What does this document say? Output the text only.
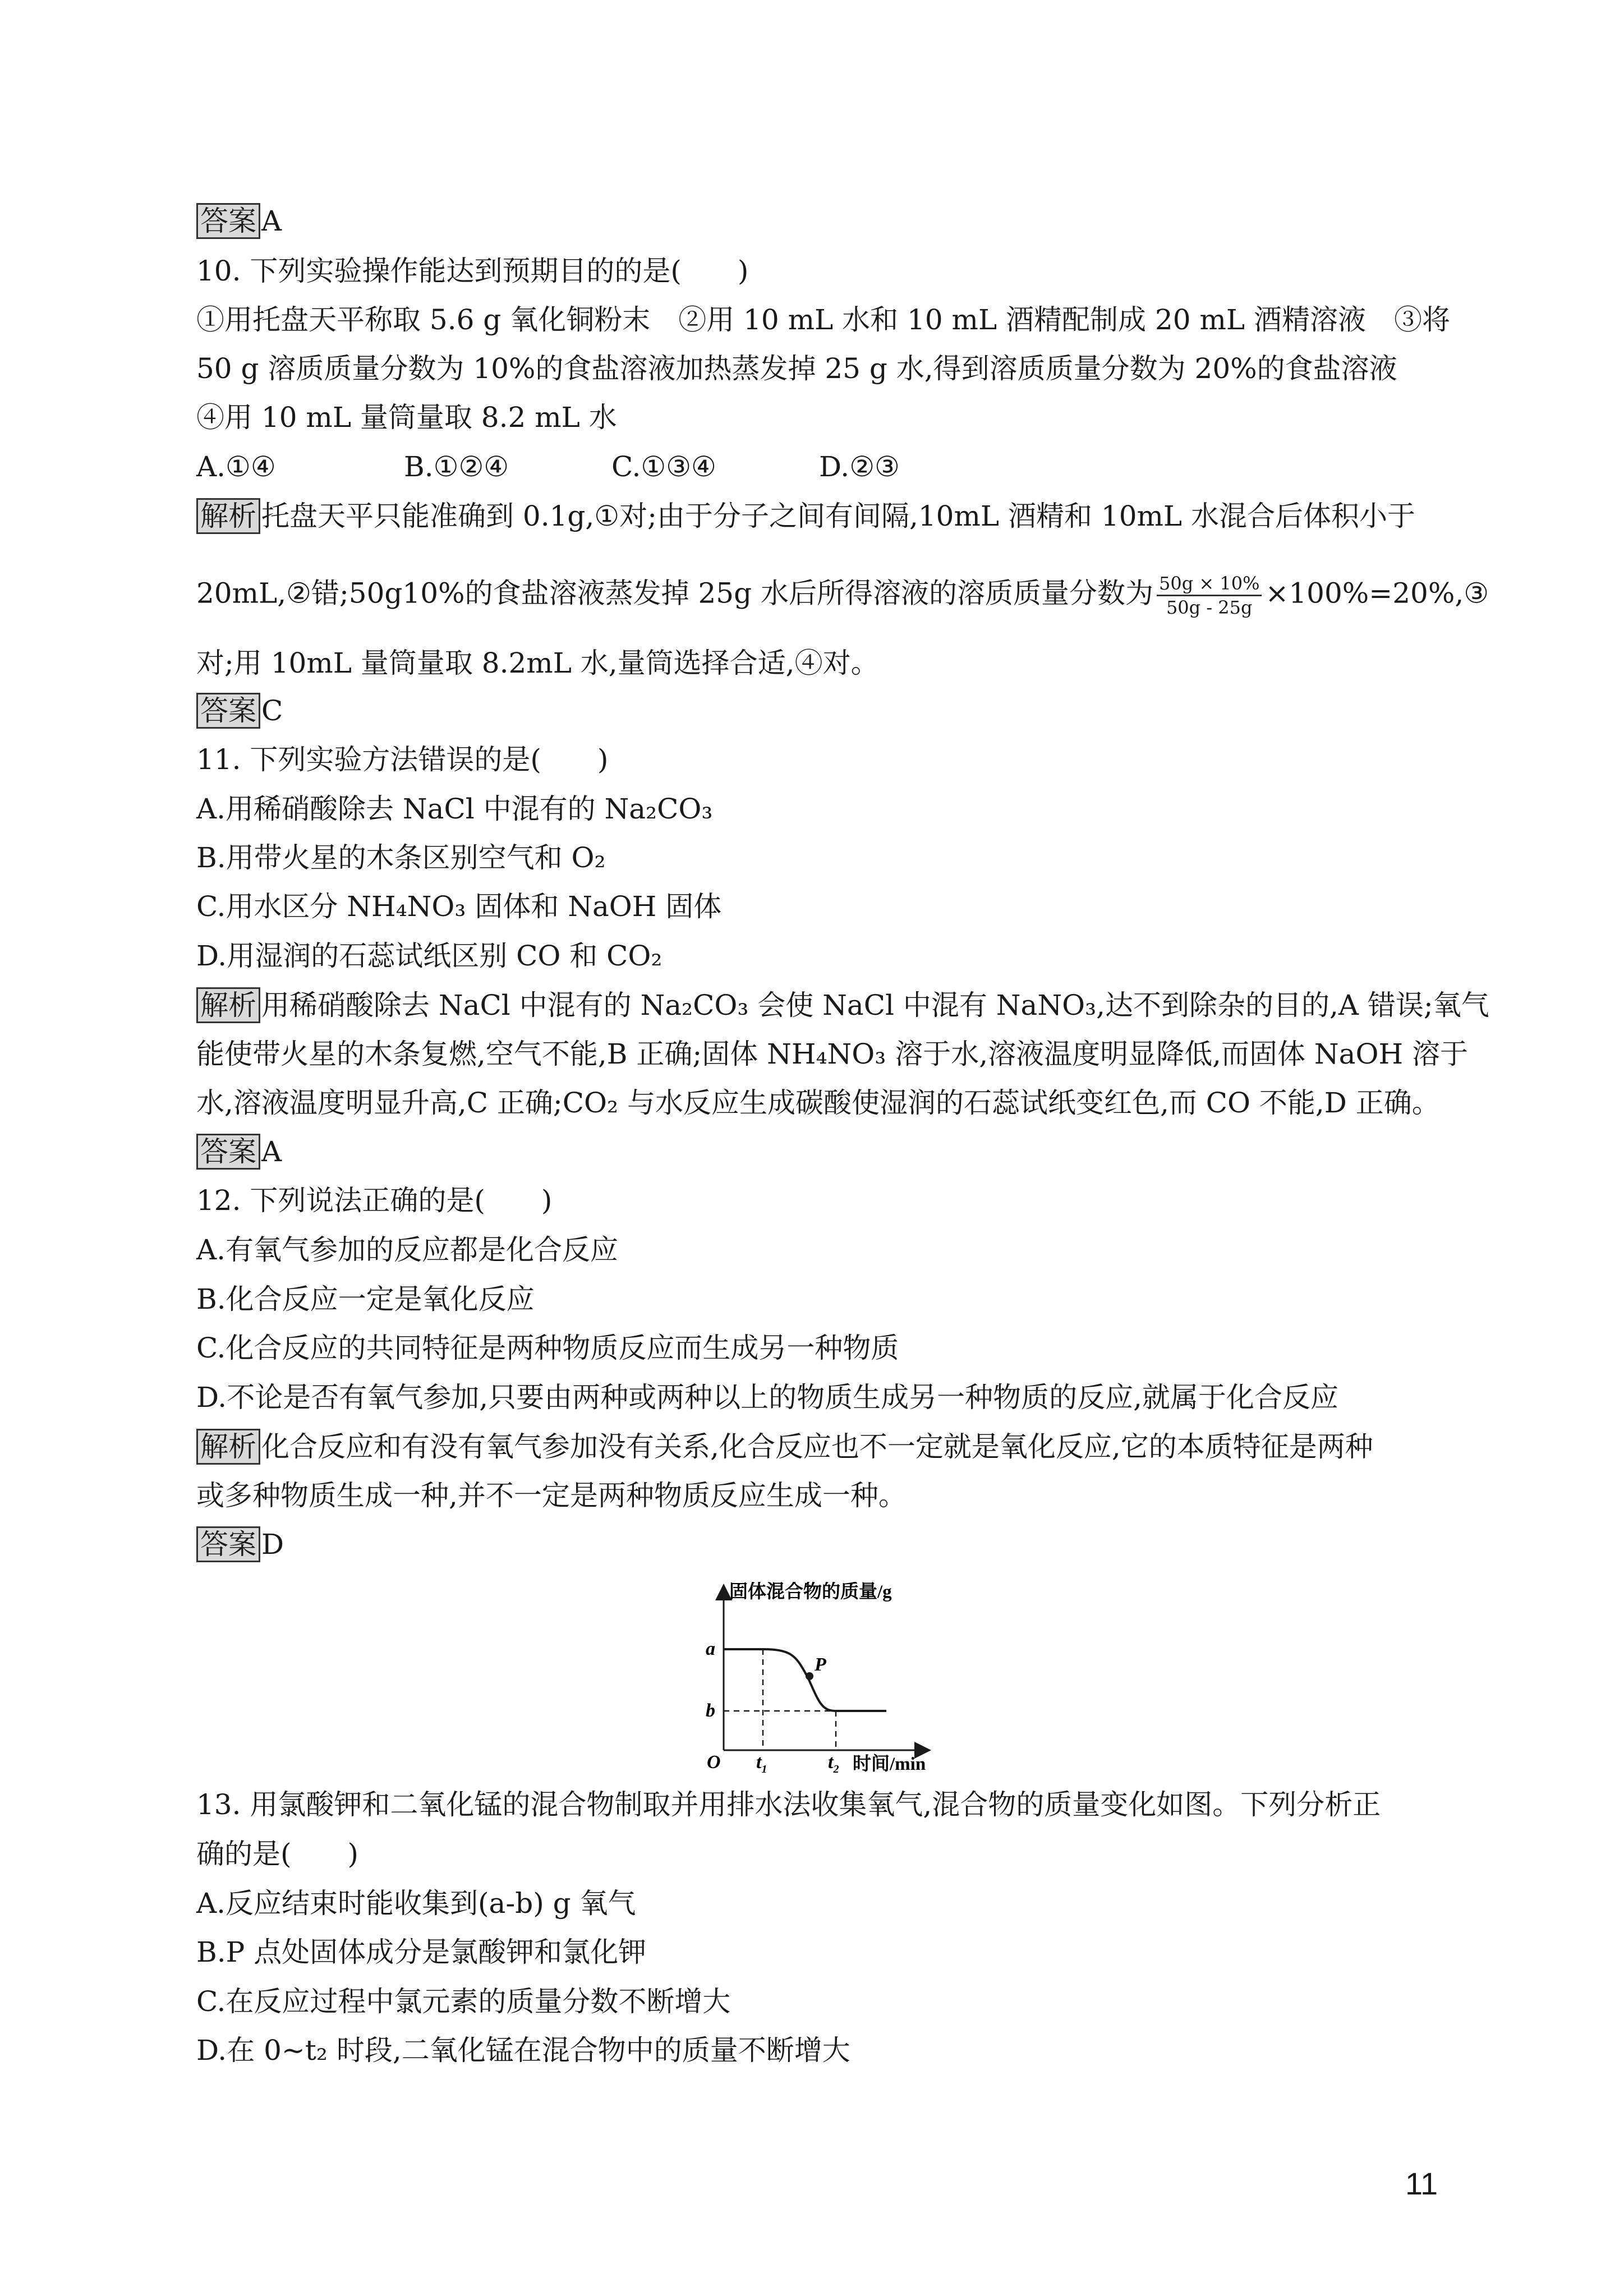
答案 A
10. 下列实验操作能达到预期目的的是(　　)
①用托盘天平称取 5.6 g 氧化铜粉末　②用 10 mL 水和 10 mL 酒精配制成 20 mL 酒精溶液　③将
50 g 溶质质量分数为 10%的食盐溶液加热蒸发掉 25 g 水,得到溶质质量分数为 20%的食盐溶液
④用 10 mL 量筒量取 8.2 mL 水
A.①④	B.①②④	C.①③④	D.②③
解析 托盘天平只能准确到 0.1g,①对;由于分子之间有间隔,10mL 酒精和 10mL 水混合后体积小于
20mL,②错;50g10%的食盐溶液蒸发掉 25g 水后所得溶液的溶质质量分数为 $\frac{50g \times 10\%}{50g - 25g}$ ×100%=20%,③
对;用 10mL 量筒量取 8.2mL 水,量筒选择合适,④对。
答案 C
11. 下列实验方法错误的是(　　)
A.用稀硝酸除去 NaCl 中混有的 Na₂CO₃
B.用带火星的木条区别空气和 O₂
C.用水区分 NH₄NO₃ 固体和 NaOH 固体
D.用湿润的石蕊试纸区别 CO 和 CO₂
解析 用稀硝酸除去 NaCl 中混有的 Na₂CO₃ 会使 NaCl 中混有 NaNO₃,达不到除杂的目的,A 错误;氧气
能使带火星的木条复燃,空气不能,B 正确;固体 NH₄NO₃ 溶于水,溶液温度明显降低,而固体 NaOH 溶于
水,溶液温度明显升高,C 正确;CO₂ 与水反应生成碳酸使湿润的石蕊试纸变红色,而 CO 不能,D 正确。
答案 A
12. 下列说法正确的是(　　)
A.有氧气参加的反应都是化合反应
B.化合反应一定是氧化反应
C.化合反应的共同特征是两种物质反应而生成另一种物质
D.不论是否有氧气参加,只要由两种或两种以上的物质生成另一种物质的反应,就属于化合反应
解析 化合反应和有没有氧气参加没有关系,化合反应也不一定就是氧化反应,它的本质特征是两种
或多种物质生成一种,并不一定是两种物质反应生成一种。
答案 D
固体混合物的质量/g
时间/min
O
a
b
P
$t_1$	$t_2$
13. 用氯酸钾和二氧化锰的混合物制取并用排水法收集氧气,混合物的质量变化如图。下列分析正
确的是(　　)
A.反应结束时能收集到(a-b) g 氧气
B.P 点处固体成分是氯酸钾和氯化钾
C.在反应过程中氯元素的质量分数不断增大
D.在 0~t₂ 时段,二氧化锰在混合物中的质量不断增大
11
